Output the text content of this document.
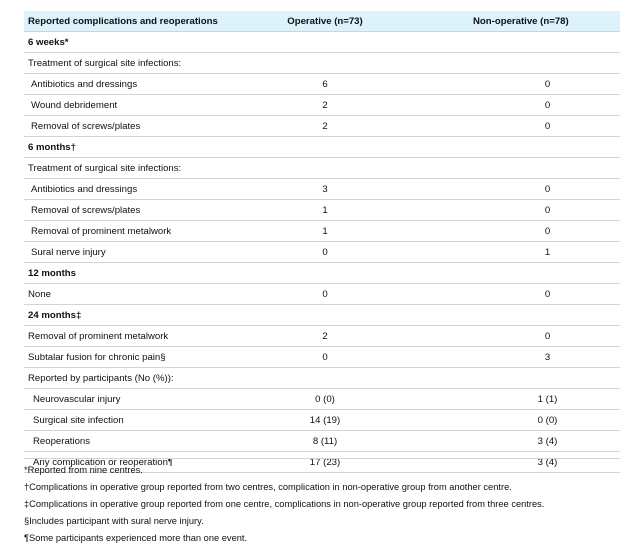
Reported complications and reoperations	Operative (n=73)	Non-operative (n=78)
6 weeks*
Treatment of surgical site infections:
Antibiotics and dressings	6	0
Wound debridement	2	0
Removal of screws/plates	2	0
6 months†
Treatment of surgical site infections:
Antibiotics and dressings	3	0
Removal of screws/plates	1	0
Removal of prominent metalwork	1	0
Sural nerve injury	0	1
12 months
None	0	0
24 months‡
Removal of prominent metalwork	2	0
Subtalar fusion for chronic pain§	0	3
Reported by participants (No (%)):
Neurovascular injury	0 (0)	1 (1)
Surgical site infection	14 (19)	0 (0)
Reoperations	8 (11)	3 (4)
Any complication or reoperation¶	17 (23)	3 (4)
*Reported from nine centres.
†Complications in operative group reported from two centres, complication in non-operative group from another centre.
‡Complications in operative group reported from one centre, complications in non-operative group reported from three centres.
§Includes participant with sural nerve injury.
¶Some participants experienced more than one event.
